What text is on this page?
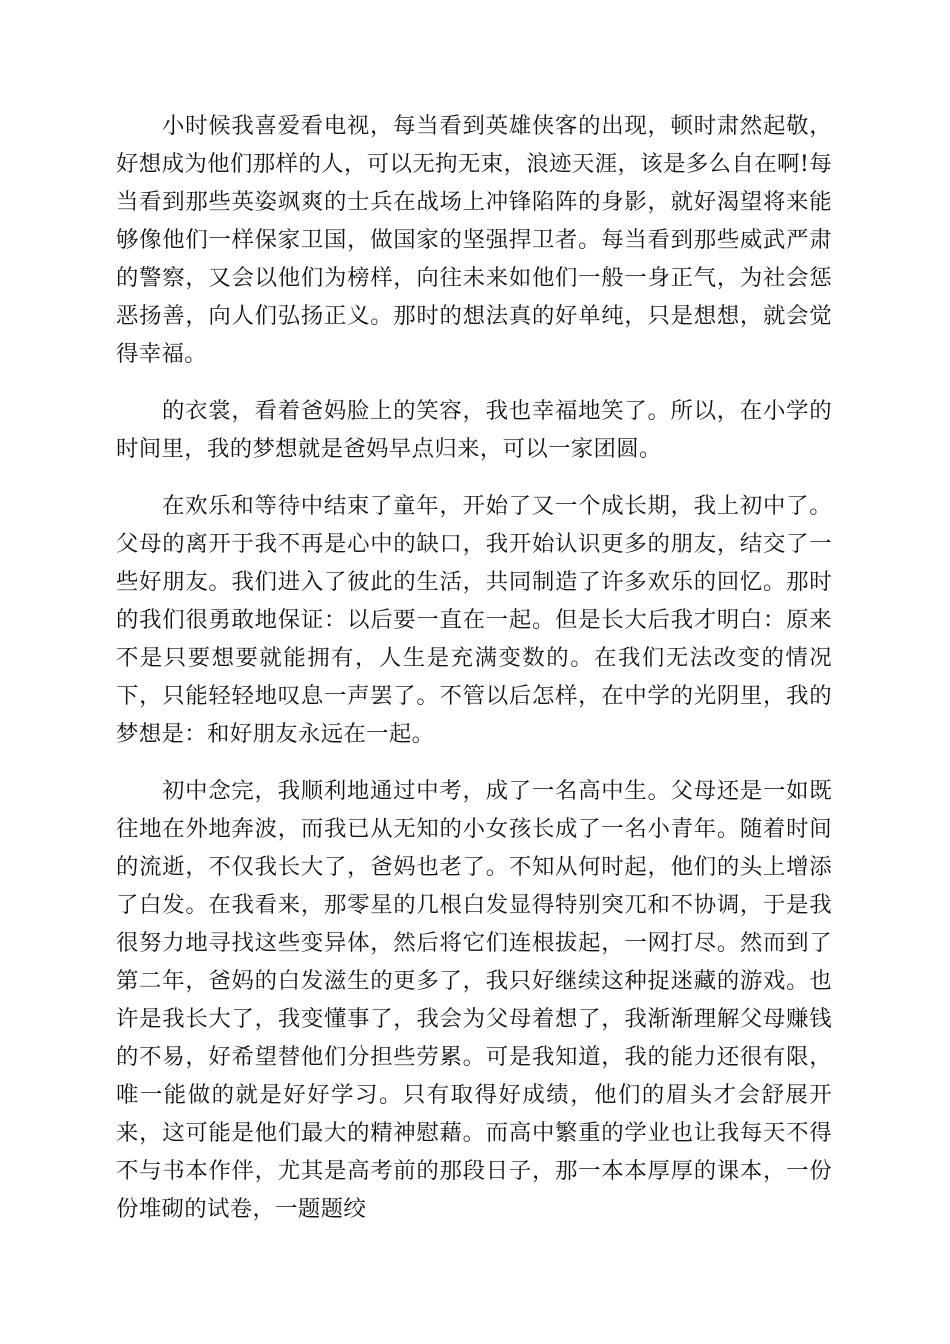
小时候我喜爱看电视，每当看到英雄侠客的出现，顿时肃然起敬，好想成为他们那样的人，可以无拘无束，浪迹天涯，该是多么自在啊!每当看到那些英姿飒爽的士兵在战场上冲锋陷阵的身影，就好渴望将来能够像他们一样保家卫国，做国家的坚强捍卫者。每当看到那些威武严肃的警察，又会以他们为榜样，向往未来如他们一般一身正气，为社会惩恶扬善，向人们弘扬正义。那时的想法真的好单纯，只是想想，就会觉得幸福。

的衣裳，看着爸妈脸上的笑容，我也幸福地笑了。所以，在小学的时间里，我的梦想就是爸妈早点归来，可以一家团圆。

在欢乐和等待中结束了童年，开始了又一个成长期，我上初中了。父母的离开于我不再是心中的缺口，我开始认识更多的朋友，结交了一些好朋友。我们进入了彼此的生活，共同制造了许多欢乐的回忆。那时的我们很勇敢地保证：以后要一直在一起。但是长大后我才明白：原来不是只要想要就能拥有，人生是充满变数的。在我们无法改变的情况下，只能轻轻地叹息一声罢了。不管以后怎样，在中学的光阴里，我的梦想是：和好朋友永远在一起。

初中念完，我顺利地通过中考，成了一名高中生。父母还是一如既往地在外地奔波，而我已从无知的小女孩长成了一名小青年。随着时间的流逝，不仅我长大了，爸妈也老了。不知从何时起，他们的头上增添了白发。在我看来，那零星的几根白发显得特别突兀和不协调，于是我很努力地寻找这些变异体，然后将它们连根拔起，一网打尽。然而到了第二年，爸妈的白发滋生的更多了，我只好继续这种捉迷藏的游戏。也许是我长大了，我变懂事了，我会为父母着想了，我渐渐理解父母赚钱的不易，好希望替他们分担些劳累。可是我知道，我的能力还很有限，唯一能做的就是好好学习。只有取得好成绩，他们的眉头才会舒展开来，这可能是他们最大的精神慰藉。而高中繁重的学业也让我每天不得不与书本作伴，尤其是高考前的那段日子，那一本本厚厚的课本，一份份堆砌的试卷，一题题绞
